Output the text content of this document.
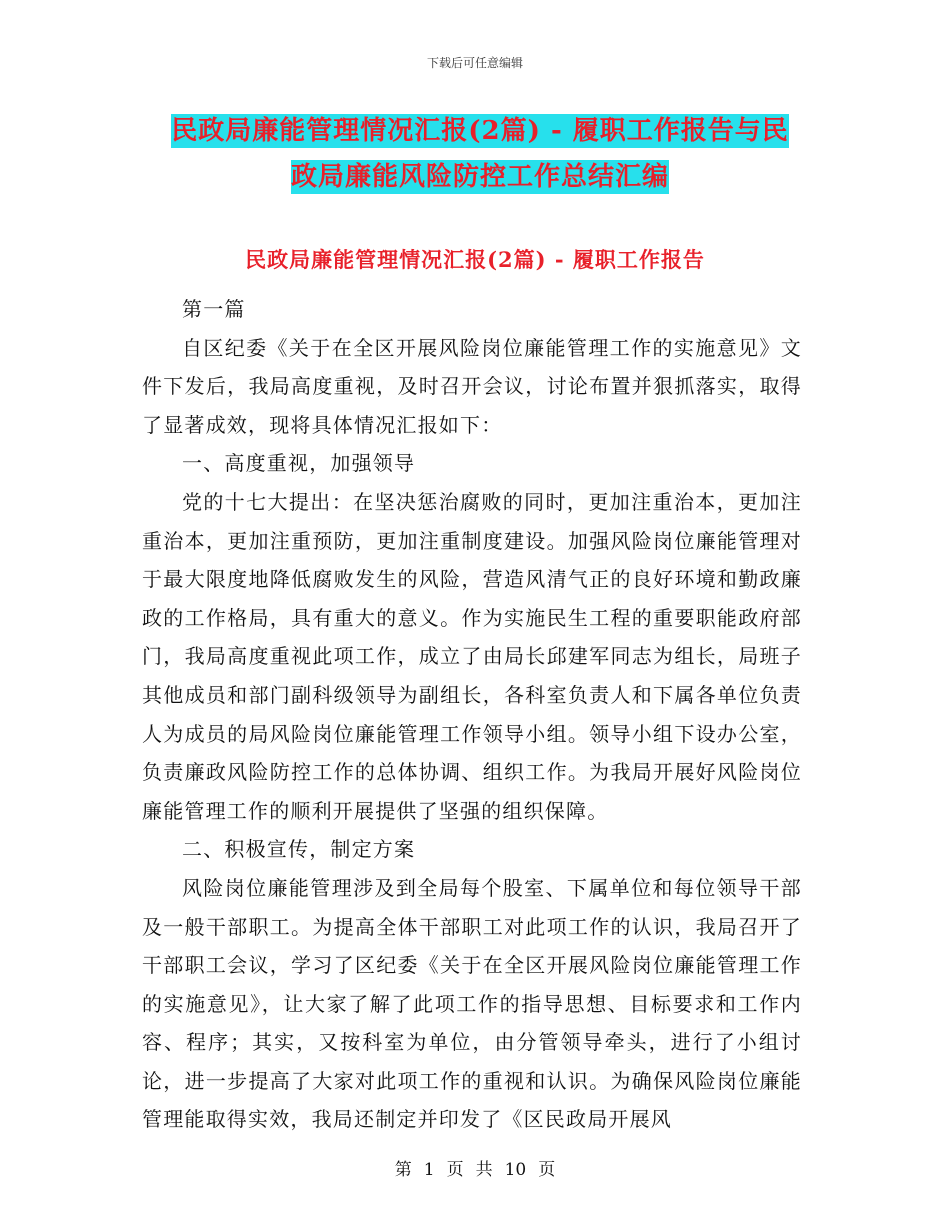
下载后可任意编辑
民政局廉能管理情况汇报(2篇) - 履职工作报告与民
政局廉能风险防控工作总结汇编
民政局廉能管理情况汇报(2篇) - 履职工作报告

第一篇

自区纪委《关于在全区开展风险岗位廉能管理工作的实施意见》文件下发后，我局高度重视，及时召开会议，讨论布置并狠抓落实，取得了显著成效，现将具体情况汇报如下：

一、高度重视，加强领导

党的十七大提出：在坚决惩治腐败的同时，更加注重治本，更加注重治本，更加注重预防，更加注重制度建设。加强风险岗位廉能管理对于最大限度地降低腐败发生的风险，营造风清气正的良好环境和勤政廉政的工作格局，具有重大的意义。作为实施民生工程的重要职能政府部门，我局高度重视此项工作，成立了由局长邱建军同志为组长，局班子其他成员和部门副科级领导为副组长，各科室负责人和下属各单位负责人为成员的局风险岗位廉能管理工作领导小组。领导小组下设办公室，负责廉政风险防控工作的总体协调、组织工作。为我局开展好风险岗位廉能管理工作的顺利开展提供了坚强的组织保障。

二、积极宣传，制定方案

风险岗位廉能管理涉及到全局每个股室、下属单位和每位领导干部及一般干部职工。为提高全体干部职工对此项工作的认识，我局召开了干部职工会议，学习了区纪委《关于在全区开展风险岗位廉能管理工作的实施意见》，让大家了解了此项工作的指导思想、目标要求和工作内容、程序；其实，又按科室为单位，由分管领导牵头，进行了小组讨论，进一步提高了大家对此项工作的重视和认识。为确保风险岗位廉能管理能取得实效，我局还制定并印发了《区民政局开展风

第 1 页 共 10 页
